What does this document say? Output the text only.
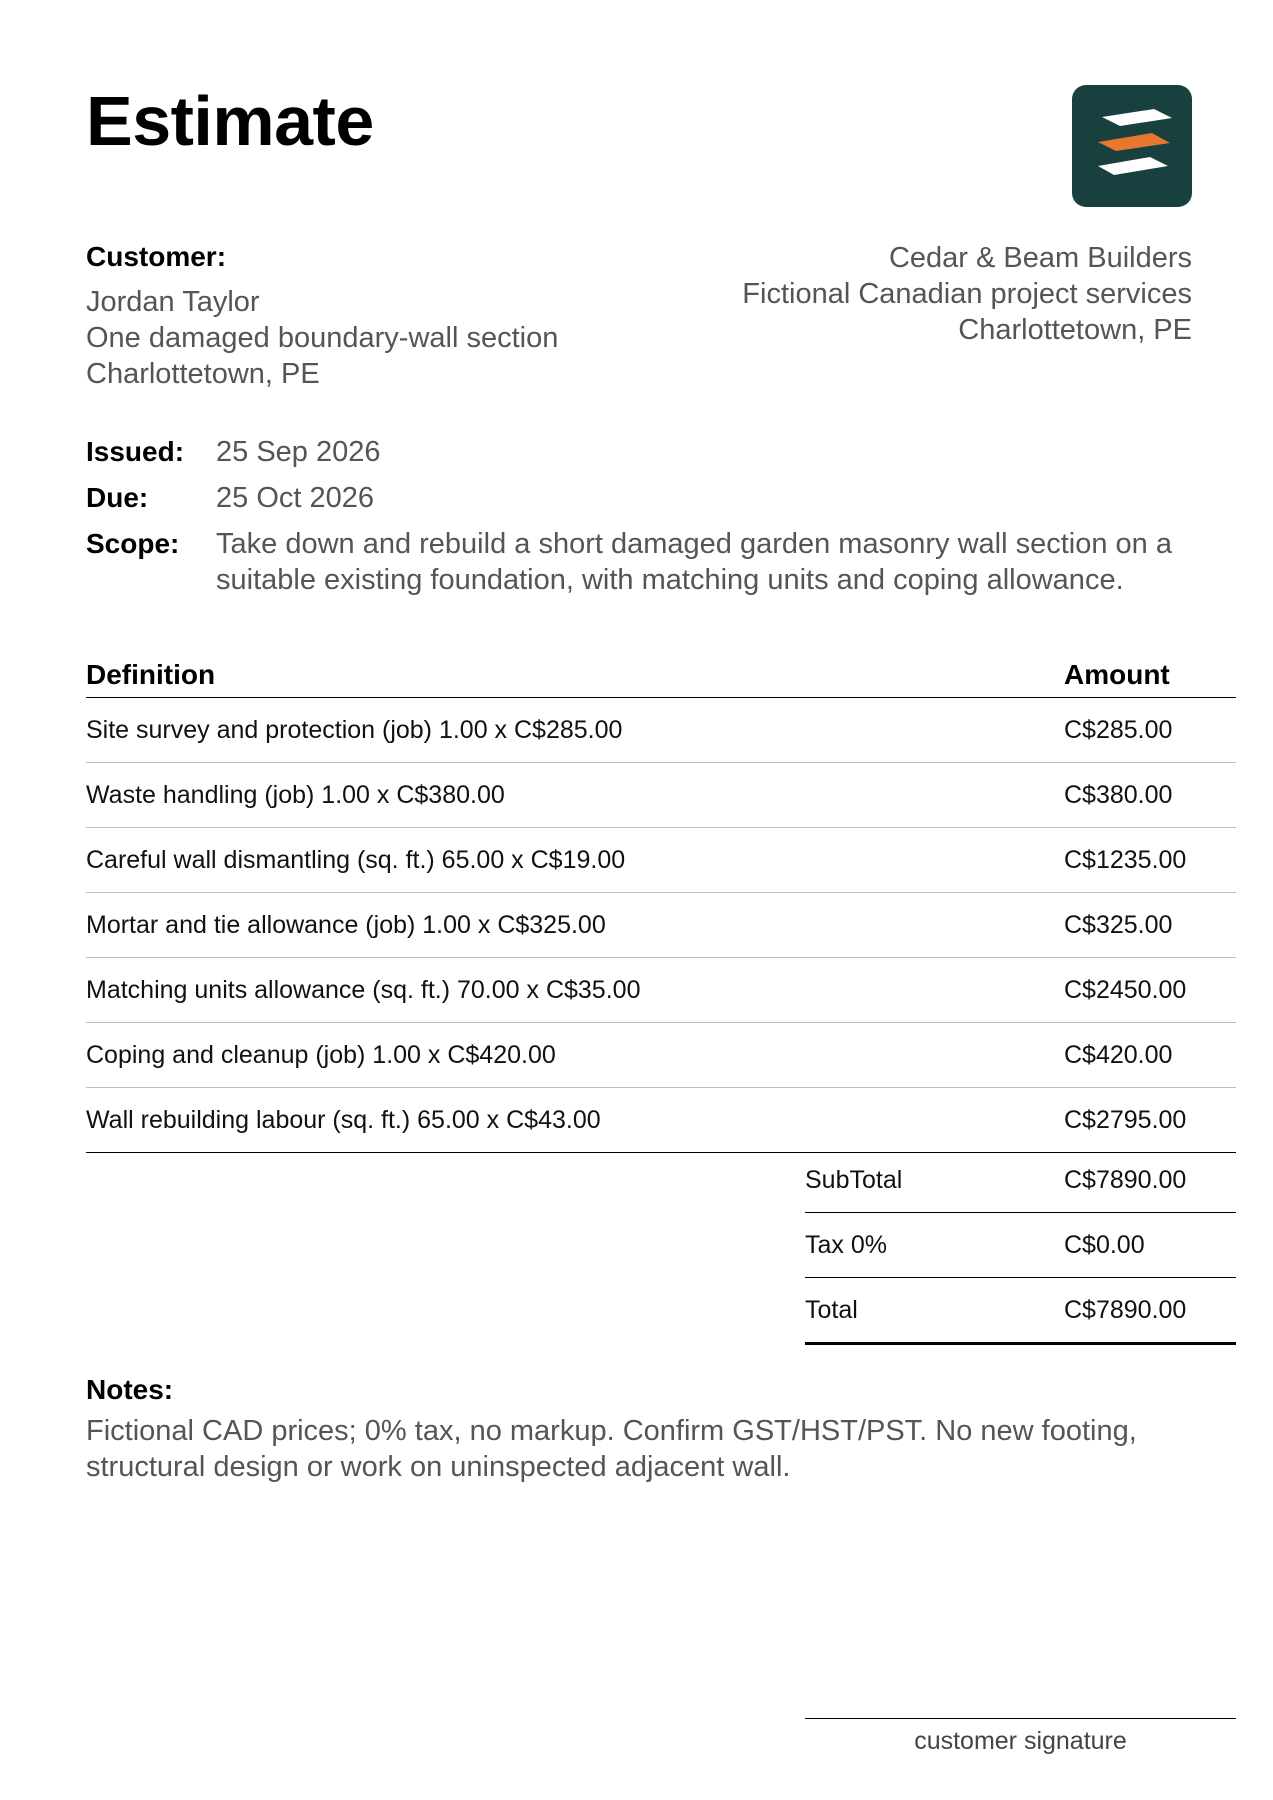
Estimate
Customer:
Jordan Taylor
One damaged boundary-wall section
Charlottetown, PE
Cedar & Beam Builders
Fictional Canadian project services
Charlottetown, PE
Issued:	25 Sep 2026
Due:	25 Oct 2026
Scope:	Take down and rebuild a short damaged garden masonry wall section on a suitable existing foundation, with matching units and coping allowance.
Definition	Amount
Site survey and protection (job) 1.00 x C$285.00	C$285.00
Waste handling (job) 1.00 x C$380.00	C$380.00
Careful wall dismantling (sq. ft.) 65.00 x C$19.00	C$1235.00
Mortar and tie allowance (job) 1.00 x C$325.00	C$325.00
Matching units allowance (sq. ft.) 70.00 x C$35.00	C$2450.00
Coping and cleanup (job) 1.00 x C$420.00	C$420.00
Wall rebuilding labour (sq. ft.) 65.00 x C$43.00	C$2795.00
SubTotal	C$7890.00
Tax 0%	C$0.00
Total	C$7890.00
Notes:
Fictional CAD prices; 0% tax, no markup. Confirm GST/HST/PST. No new footing, structural design or work on uninspected adjacent wall.
customer signature
